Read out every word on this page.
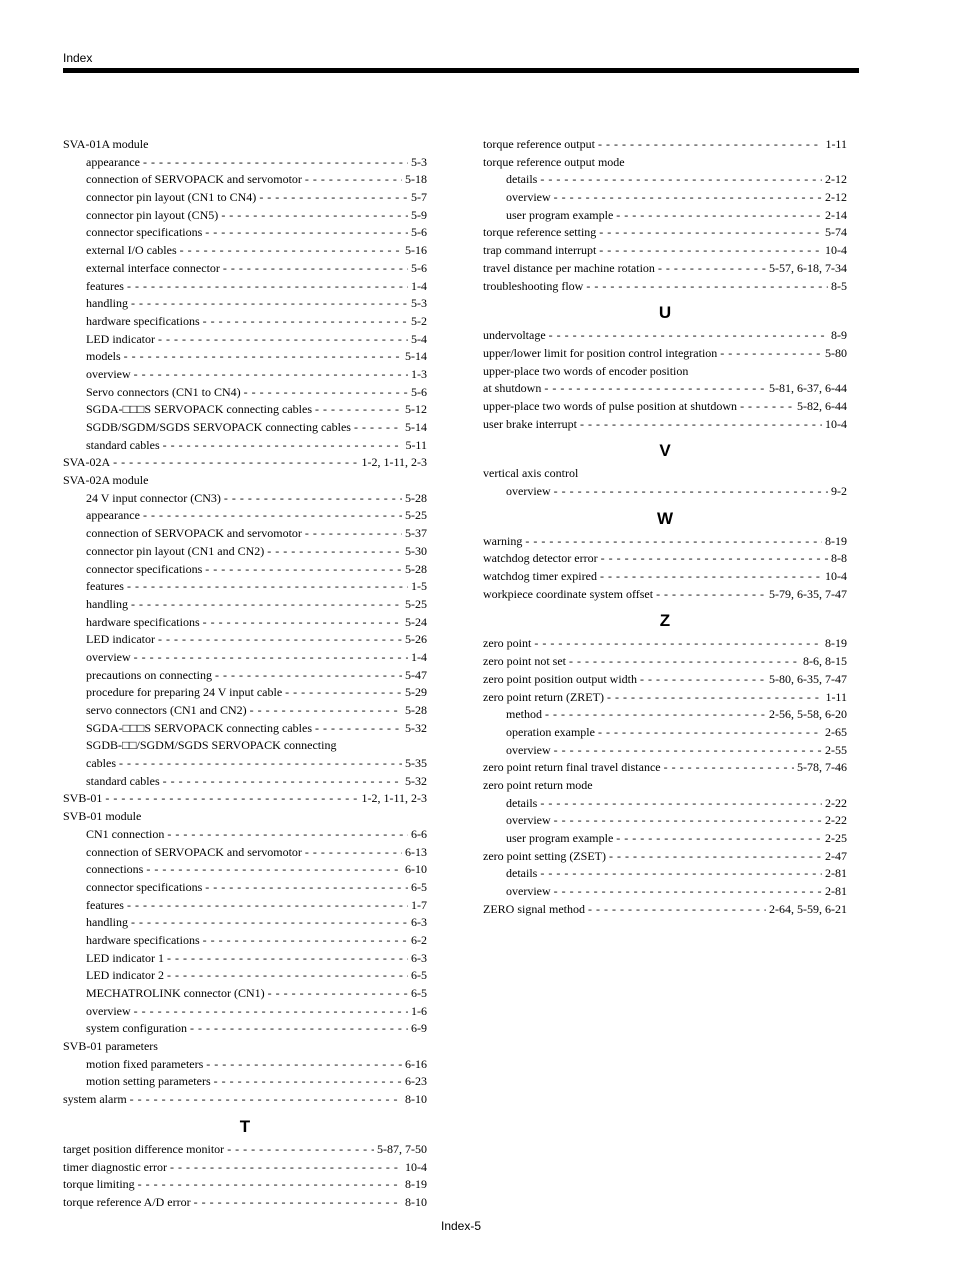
Index
SVA-01A module
appearance - - -	5-3
connection of SERVOPACK and servomotor - - -	5-18
connector pin layout (CN1 to CN4) - - -	5-7
connector pin layout (CN5) - - -	5-9
connector specifications - - -	5-6
external I/O cables - - -	5-16
external interface connector - - -	5-6
features - - -	1-4
handling - - -	5-3
hardware specifications - - -	5-2
LED indicator - - -	5-4
models - - -	5-14
overview - - -	1-3
Servo connectors (CN1 to CN4) - - -	5-6
SGDA-□□□S SERVOPACK connecting cables - - -	5-12
SGDB/SGDM/SGDS SERVOPACK connecting cables - - -	5-14
standard cables - - -	5-11
SVA-02A - - -	1-2, 1-11, 2-3
SVA-02A module
24 V input connector (CN3) - - -	5-28
appearance - - -	5-25
connection of SERVOPACK and servomotor - - -	5-37
connector pin layout (CN1 and CN2) - - -	5-30
connector specifications - - -	5-28
features - - -	1-5
handling - - -	5-25
hardware specifications - - -	5-24
LED indicator - - -	5-26
overview - - -	1-4
precautions on connecting - - -	5-47
procedure for preparing 24 V input cable - - -	5-29
servo connectors (CN1 and CN2) - - -	5-28
SGDA-□□□S SERVOPACK connecting cables - - -	5-32
SGDB-□□/SGDM/SGDS SERVOPACK connecting
cables - - -	5-35
standard cables - - -	5-32
SVB-01 - - -	1-2, 1-11, 2-3
SVB-01 module
CN1 connection - - -	6-6
connection of SERVOPACK and servomotor - - -	6-13
connections - - -	6-10
connector specifications - - -	6-5
features - - -	1-7
handling - - -	6-3
hardware specifications - - -	6-2
LED indicator 1 - - -	6-3
LED indicator 2 - - -	6-5
MECHATROLINK connector (CN1) - - -	6-5
overview - - -	1-6
system configuration - - -	6-9
SVB-01 parameters
motion fixed parameters - - -	6-16
motion setting parameters - - -	6-23
system alarm - - -	8-10
T
target position difference monitor - - -	5-87, 7-50
timer diagnostic error - - -	10-4
torque limiting - - -	8-19
torque reference A/D error - - -	8-10
torque reference output - - -	1-11
torque reference output mode
details - - -	2-12
overview - - -	2-12
user program example - - -	2-14
torque reference setting - - -	5-74
trap command interrupt - - -	10-4
travel distance per machine rotation - - -	5-57, 6-18, 7-34
troubleshooting flow - - -	8-5
U
undervoltage - - -	8-9
upper/lower limit for position control integration - - -	5-80
upper-place two words of encoder position
at shutdown - - -	5-81, 6-37, 6-44
upper-place two words of pulse position at shutdown - - -	5-82, 6-44
user brake interrupt - - -	10-4
V
vertical axis control
overview - - -	9-2
W
warning - - -	8-19
watchdog detector error - - -	8-8
watchdog timer expired - - -	10-4
workpiece coordinate system offset - - -	5-79, 6-35, 7-47
Z
zero point - - -	8-19
zero point not set - - -	8-6, 8-15
zero point position output width - - -	5-80, 6-35, 7-47
zero point return (ZRET) - - -	1-11
method - - -	2-56, 5-58, 6-20
operation example - - -	2-65
overview - - -	2-55
zero point return final travel distance - - -	5-78, 7-46
zero point return mode
details - - -	2-22
overview - - -	2-22
user program example - - -	2-25
zero point setting (ZSET) - - -	2-47
details - - -	2-81
overview - - -	2-81
ZERO signal method - - -	2-64, 5-59, 6-21
Index-5
